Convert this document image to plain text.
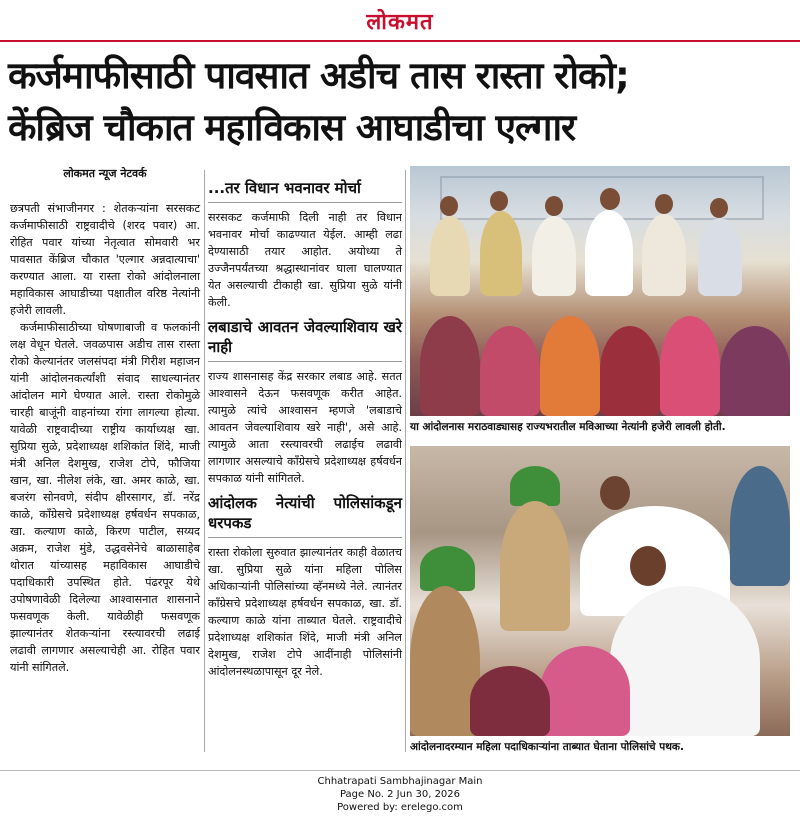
लोकमत
कर्जमाफीसाठी पावसात अडीच तास रास्ता रोको;
केंब्रिज चौकात महाविकास आघाडीचा एल्गार
लोकमत न्यूज नेटवर्क

छत्रपती संभाजीनगर : शेतकऱ्यांना सरसकट कर्जमाफीसाठी राष्ट्रवादीचे (शरद पवार) आ. रोहित पवार यांच्या नेतृत्वात सोमवारी भर पावसात केंब्रिज चौकात 'एल्गार अन्नदात्याचा' करण्यात आला. या रास्ता रोको आंदोलनाला महाविकास आघाडीच्या पक्षातील वरिष्ठ नेत्यांनी हजेरी लावली.

कर्जमाफीसाठीच्या घोषणाबाजी व फलकांनी लक्ष वेधून घेतले. जवळपास अडीच तास रास्ता रोको केल्यानंतर जलसंपदा मंत्री गिरीश महाजन यांनी आंदोलनकर्त्यांशी संवाद साधल्यानंतर आंदोलन मागे घेण्यात आले. रास्ता रोकोमुळे चारही बाजूंनी वाहनांच्या रांगा लागल्या होत्या. यावेळी राष्ट्रवादीच्या राष्ट्रीय कार्याध्यक्ष खा. सुप्रिया सुळे, प्रदेशाध्यक्ष शशिकांत शिंदे, माजी मंत्री अनिल देशमुख, राजेश टोपे, फौजिया खान, खा. नीलेश लंके, खा. अमर काळे, खा. बजरंग सोनवणे, संदीप क्षीरसागर, डॉ. नरेंद्र काळे, काँग्रेसचे प्रदेशाध्यक्ष हर्षवर्धन सपकाळ, खा. कल्याण काळे, किरण पाटील, सय्यद अक्रम, राजेश मुंडे, उद्धवसेनेचे बाळासाहेब थोरात यांच्यासह महाविकास आघाडीचे पदाधिकारी उपस्थित होते. पंढरपूर येथे उपोषणावेळी दिलेल्या आश्वासनात शासनाने फसवणूक केली. यावेळीही फसवणूक झाल्यानंतर शेतकऱ्यांना रस्त्यावरची लढाई लढावी लागणार असल्याचेही आ. रोहित पवार यांनी सांगितले.

...तर विधान भवनावर मोर्चा

सरसकट कर्जमाफी दिली नाही तर विधान भवनावर मोर्चा काढण्यात येईल. आम्ही लढा देण्यासाठी तयार आहोत. अयोध्या ते उज्जैनपर्यंतच्या श्रद्धास्थानांवर घाला घालण्यात येत असल्याची टीकाही खा. सुप्रिया सुळे यांनी केली.

लबाडाचे आवतन जेवल्याशिवाय खरे नाही

राज्य शासनासह केंद्र सरकार लबाड आहे. सतत आश्वासने देऊन फसवणूक करीत आहेत. त्यामुळे त्यांचे आश्वासन म्हणजे 'लबाडाचे आवतन जेवल्याशिवाय खरे नाही', असे आहे. त्यामुळे आता रस्त्यावरची लढाईच लढावी लागणार असल्याचे काँग्रेसचे प्रदेशाध्यक्ष हर्षवर्धन सपकाळ यांनी सांगितले.

आंदोलक नेत्यांची पोलिसांकडून धरपकड

रास्ता रोकोला सुरुवात झाल्यानंतर काही वेळातच खा. सुप्रिया सुळे यांना महिला पोलिस अधिकाऱ्यांनी पोलिसांच्या व्हॅनमध्ये नेले. त्यानंतर काँग्रेसचे प्रदेशाध्यक्ष हर्षवर्धन सपकाळ, खा. डॉ. कल्याण काळे यांना ताब्यात घेतले. राष्ट्रवादीचे प्रदेशाध्यक्ष शशिकांत शिंदे, माजी मंत्री अनिल देशमुख, राजेश टोपे आदींनाही पोलिसांनी आंदोलनस्थळापासून दूर नेले.

या आंदोलनास मराठवाड्यासह राज्यभरातील मविआच्या नेत्यांनी हजेरी लावली होती.
आंदोलनादरम्यान महिला पदाधिकाऱ्यांना ताब्यात घेताना पोलिसांचे पथक.
Chhatrapati Sambhajinagar Main
Page No. 2 Jun 30, 2026
Powered by: erelego.com
